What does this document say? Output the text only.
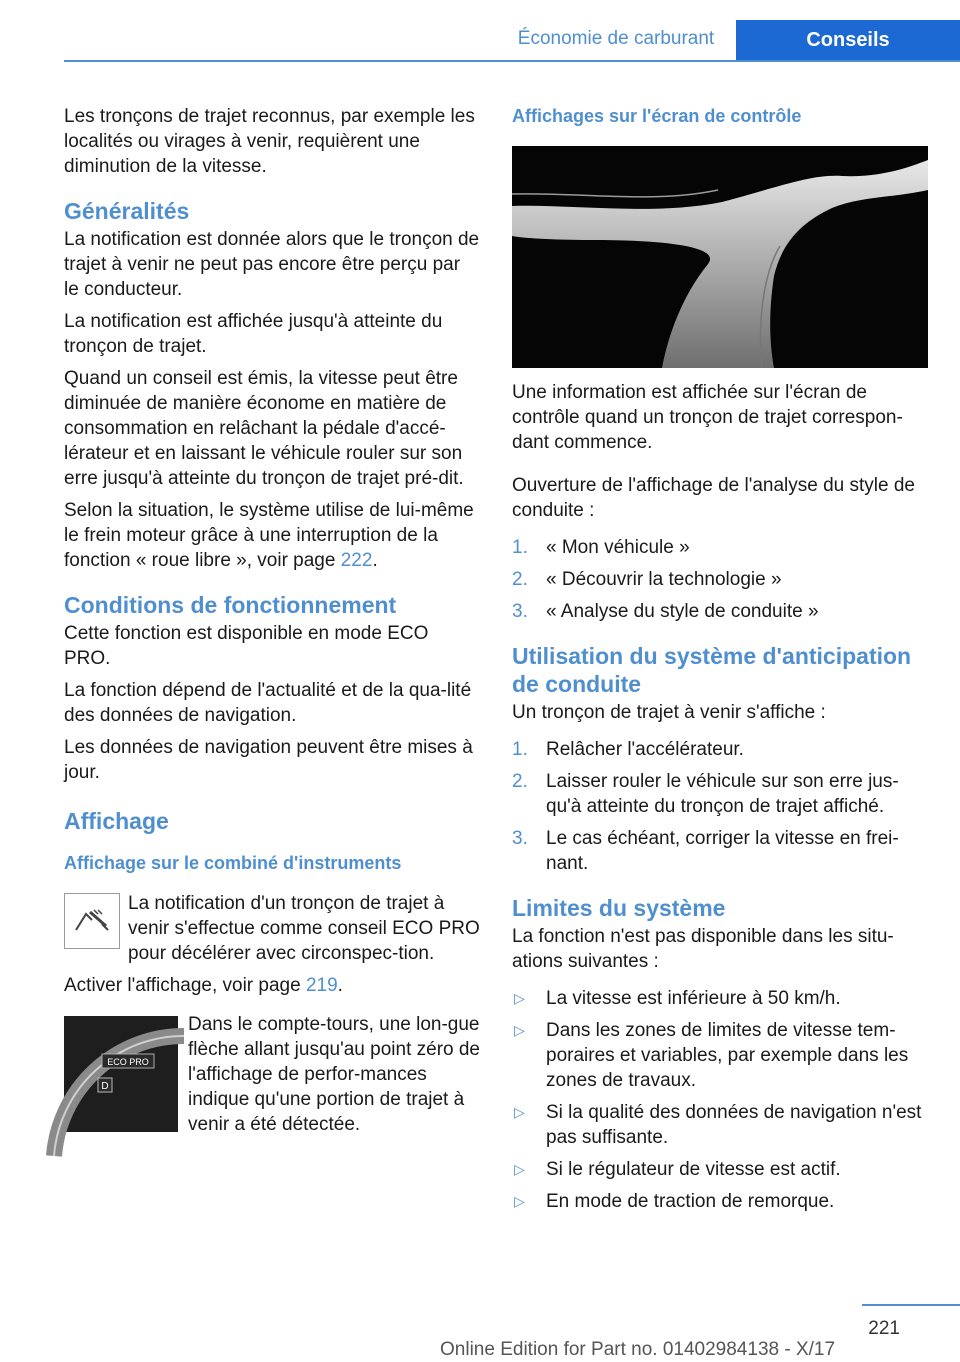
Économie de carburant	Conseils

Les tronçons de trajet reconnus, par exemple les localités ou virages à venir, requièrent une diminution de la vitesse.

Généralités

La notification est donnée alors que le tronçon de trajet à venir ne peut pas encore être perçu par le conducteur.

La notification est affichée jusqu'à atteinte du tronçon de trajet.

Quand un conseil est émis, la vitesse peut être diminuée de manière économe en matière de consommation en relâchant la pédale d'accé‐lérateur et en laissant le véhicule rouler sur son erre jusqu'à atteinte du tronçon de trajet pré‐dit.

Selon la situation, le système utilise de lui-même le frein moteur grâce à une interruption de la fonction « roue libre », voir page 222.

Conditions de fonctionnement

Cette fonction est disponible en mode ECO PRO.

La fonction dépend de l'actualité et de la qua‐lité des données de navigation.

Les données de navigation peuvent être mises à jour.

Affichage
Affichage sur le combiné d'instruments

La notification d'un tronçon de trajet à venir s'effectue comme conseil ECO PRO pour décélérer avec circonspec‐tion.

Activer l'affichage, voir page 219.

ECO PRO
D
Dans le compte-tours, une lon‐gue flèche allant jusqu'au point zéro de l'affichage de perfor‐mances indique qu'une portion de trajet à venir a été détectée.

Affichages sur l'écran de contrôle

Une information est affichée sur l'écran de contrôle quand un tronçon de trajet correspon‐dant commence.

Ouverture de l'affichage de l'analyse du style de conduite :

1. « Mon véhicule »
2. « Découvrir la technologie »
3. « Analyse du style de conduite »
Utilisation du système d'anticipation de conduite

Un tronçon de trajet à venir s'affiche :

1. Relâcher l'accélérateur.
2. Laisser rouler le véhicule sur son erre jus‐qu'à atteinte du tronçon de trajet affiché.
3. Le cas échéant, corriger la vitesse en frei‐nant.
Limites du système

La fonction n'est pas disponible dans les situ‐ations suivantes :

▷ La vitesse est inférieure à 50 km/h.
▷ Dans les zones de limites de vitesse tem‐poraires et variables, par exemple dans les zones de travaux.
▷ Si la qualité des données de navigation n'est pas suffisante.
▷ Si le régulateur de vitesse est actif.
▷ En mode de traction de remorque.
221
Online Edition for Part no. 01402984138 - X/17
